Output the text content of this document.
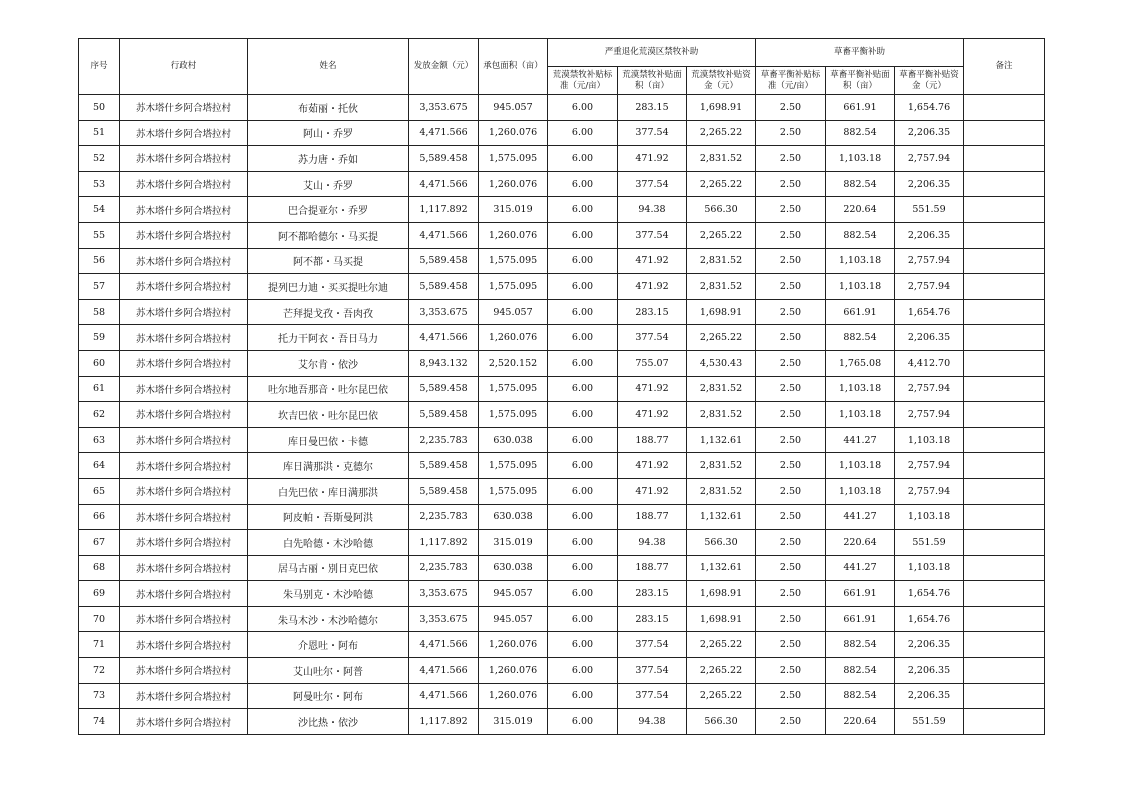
序号	行政村	姓名	发放金额（元）	承包面积（亩）	严重退化荒漠区禁牧补助			草畜平衡补助			备注
					荒漠禁牧补贴标准（元/亩）	荒漠禁牧补贴面积（亩）	荒漠禁牧补贴资金（元）	草畜平衡补贴标准（元/亩）	草畜平衡补贴面积（亩）	草畜平衡补贴资金（元）	
50	苏木塔什乡阿合塔拉村	布茹丽・托伙	3,353.675	945.057	6.00	283.15	1,698.91	2.50	661.91	1,654.76	
51	苏木塔什乡阿合塔拉村	阿山・乔罗	4,471.566	1,260.076	6.00	377.54	2,265.22	2.50	882.54	2,206.35	
52	苏木塔什乡阿合塔拉村	苏力唐・乔如	5,589.458	1,575.095	6.00	471.92	2,831.52	2.50	1,103.18	2,757.94	
53	苏木塔什乡阿合塔拉村	艾山・乔罗	4,471.566	1,260.076	6.00	377.54	2,265.22	2.50	882.54	2,206.35	
54	苏木塔什乡阿合塔拉村	巴合提亚尔・乔罗	1,117.892	315.019	6.00	94.38	566.30	2.50	220.64	551.59	
55	苏木塔什乡阿合塔拉村	阿不都哈德尔・马买提	4,471.566	1,260.076	6.00	377.54	2,265.22	2.50	882.54	2,206.35	
56	苏木塔什乡阿合塔拉村	阿不都・马买提	5,589.458	1,575.095	6.00	471.92	2,831.52	2.50	1,103.18	2,757.94	
57	苏木塔什乡阿合塔拉村	提列巴力迪・买买提吐尔迪	5,589.458	1,575.095	6.00	471.92	2,831.52	2.50	1,103.18	2,757.94	
58	苏木塔什乡阿合塔拉村	芒拜提戈孜・吾肉孜	3,353.675	945.057	6.00	283.15	1,698.91	2.50	661.91	1,654.76	
59	苏木塔什乡阿合塔拉村	托力干阿衣・吾日马力	4,471.566	1,260.076	6.00	377.54	2,265.22	2.50	882.54	2,206.35	
60	苏木塔什乡阿合塔拉村	艾尔肯・依沙	8,943.132	2,520.152	6.00	755.07	4,530.43	2.50	1,765.08	4,412.70	
61	苏木塔什乡阿合塔拉村	吐尔地吾那音・吐尔昆巴依	5,589.458	1,575.095	6.00	471.92	2,831.52	2.50	1,103.18	2,757.94	
62	苏木塔什乡阿合塔拉村	坎吉巴依・吐尔昆巴依	5,589.458	1,575.095	6.00	471.92	2,831.52	2.50	1,103.18	2,757.94	
63	苏木塔什乡阿合塔拉村	库日曼巴依・卡德	2,235.783	630.038	6.00	188.77	1,132.61	2.50	441.27	1,103.18	
64	苏木塔什乡阿合塔拉村	库日满那洪・克德尔	5,589.458	1,575.095	6.00	471.92	2,831.52	2.50	1,103.18	2,757.94	
65	苏木塔什乡阿合塔拉村	白先巴依・库日满那洪	5,589.458	1,575.095	6.00	471.92	2,831.52	2.50	1,103.18	2,757.94	
66	苏木塔什乡阿合塔拉村	阿皮帕・吾斯曼阿洪	2,235.783	630.038	6.00	188.77	1,132.61	2.50	441.27	1,103.18	
67	苏木塔什乡阿合塔拉村	白先哈德・木沙哈德	1,117.892	315.019	6.00	94.38	566.30	2.50	220.64	551.59	
68	苏木塔什乡阿合塔拉村	居马古丽・別日克巴依	2,235.783	630.038	6.00	188.77	1,132.61	2.50	441.27	1,103.18	
69	苏木塔什乡阿合塔拉村	朱马别克・木沙哈德	3,353.675	945.057	6.00	283.15	1,698.91	2.50	661.91	1,654.76	
70	苏木塔什乡阿合塔拉村	朱马木沙・木沙哈德尔	3,353.675	945.057	6.00	283.15	1,698.91	2.50	661.91	1,654.76	
71	苏木塔什乡阿合塔拉村	介恩吐・阿布	4,471.566	1,260.076	6.00	377.54	2,265.22	2.50	882.54	2,206.35	
72	苏木塔什乡阿合塔拉村	艾山吐尔・阿普	4,471.566	1,260.076	6.00	377.54	2,265.22	2.50	882.54	2,206.35	
73	苏木塔什乡阿合塔拉村	阿曼吐尔・阿布	4,471.566	1,260.076	6.00	377.54	2,265.22	2.50	882.54	2,206.35	
74	苏木塔什乡阿合塔拉村	沙比热・依沙	1,117.892	315.019	6.00	94.38	566.30	2.50	220.64	551.59	
